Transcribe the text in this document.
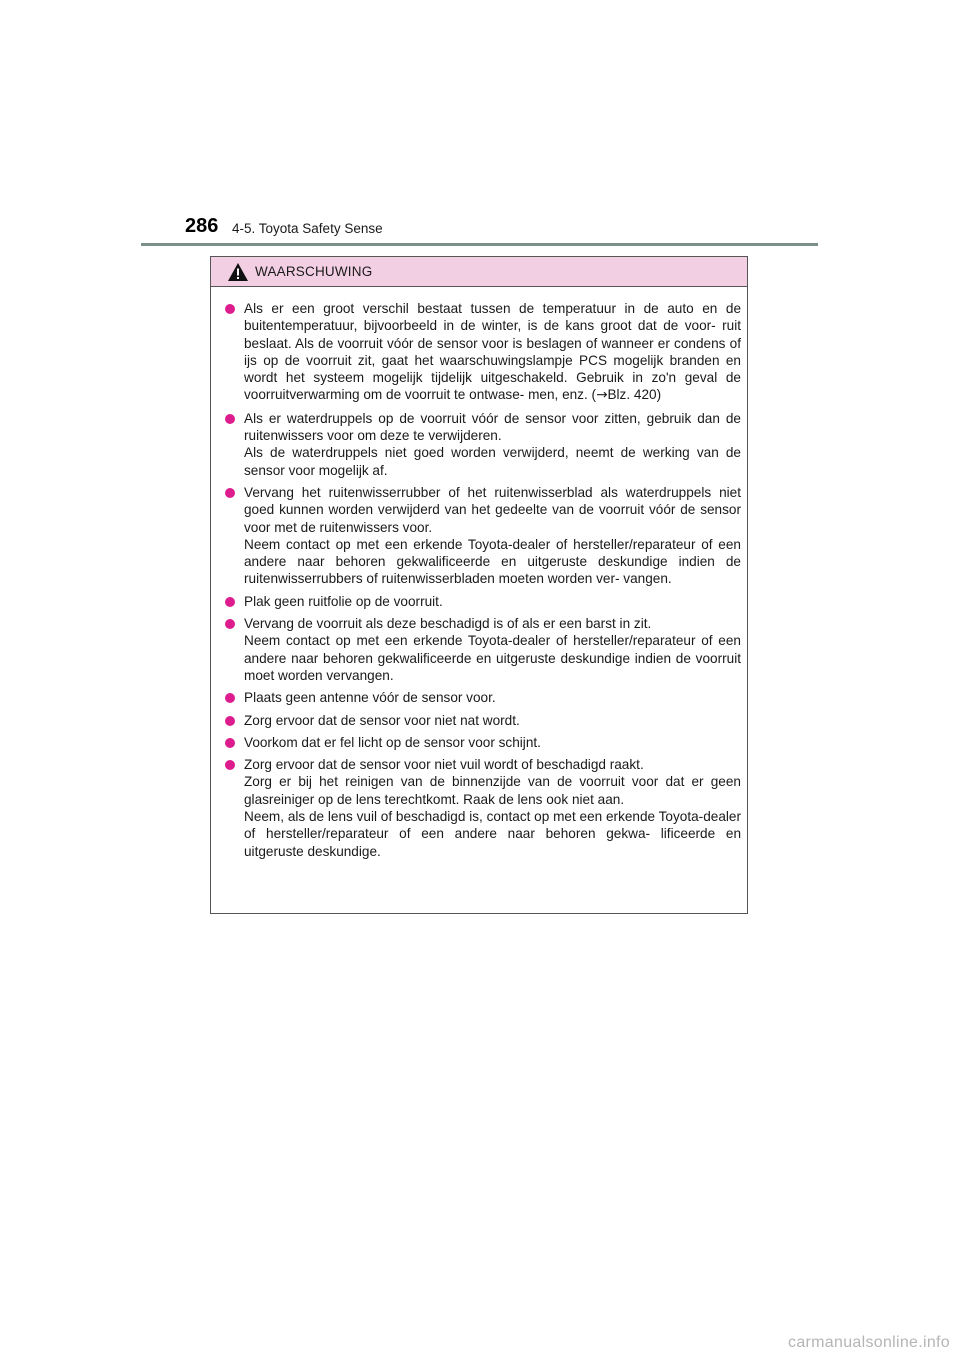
286 4-5. Toyota Safety Sense
WAARSCHUWING
Als er een groot verschil bestaat tussen de temperatuur in de auto en de buitentemperatuur, bijvoorbeeld in de winter, is de kans groot dat de voor- ruit beslaat. Als de voorruit vóór de sensor voor is beslagen of wanneer er condens of ijs op de voorruit zit, gaat het waarschuwingslampje PCS mogelijk branden en wordt het systeem mogelijk tijdelijk uitgeschakeld. Gebruik in zo'n geval de voorruitverwarming om de voorruit te ontwase- men, enz. (→Blz. 420)
Als er waterdruppels op de voorruit vóór de sensor voor zitten, gebruik dan de ruitenwissers voor om deze te verwijderen.
Als de waterdruppels niet goed worden verwijderd, neemt de werking van de sensor voor mogelijk af.
Vervang het ruitenwisserrubber of het ruitenwisserblad als waterdruppels niet goed kunnen worden verwijderd van het gedeelte van de voorruit vóór de sensor voor met de ruitenwissers voor.
Neem contact op met een erkende Toyota-dealer of hersteller/reparateur of een andere naar behoren gekwalificeerde en uitgeruste deskundige indien de ruitenwisserrubbers of ruitenwisserbladen moeten worden ver- vangen.
Plak geen ruitfolie op de voorruit.
Vervang de voorruit als deze beschadigd is of als er een barst in zit.
Neem contact op met een erkende Toyota-dealer of hersteller/reparateur of een andere naar behoren gekwalificeerde en uitgeruste deskundige indien de voorruit moet worden vervangen.
Plaats geen antenne vóór de sensor voor.
Zorg ervoor dat de sensor voor niet nat wordt.
Voorkom dat er fel licht op de sensor voor schijnt.
Zorg ervoor dat de sensor voor niet vuil wordt of beschadigd raakt.
Zorg er bij het reinigen van de binnenzijde van de voorruit voor dat er geen glasreiniger op de lens terechtkomt. Raak de lens ook niet aan.
Neem, als de lens vuil of beschadigd is, contact op met een erkende Toyota-dealer of hersteller/reparateur of een andere naar behoren gekwa- lificeerde en uitgeruste deskundige.
carmanualsonline.info
